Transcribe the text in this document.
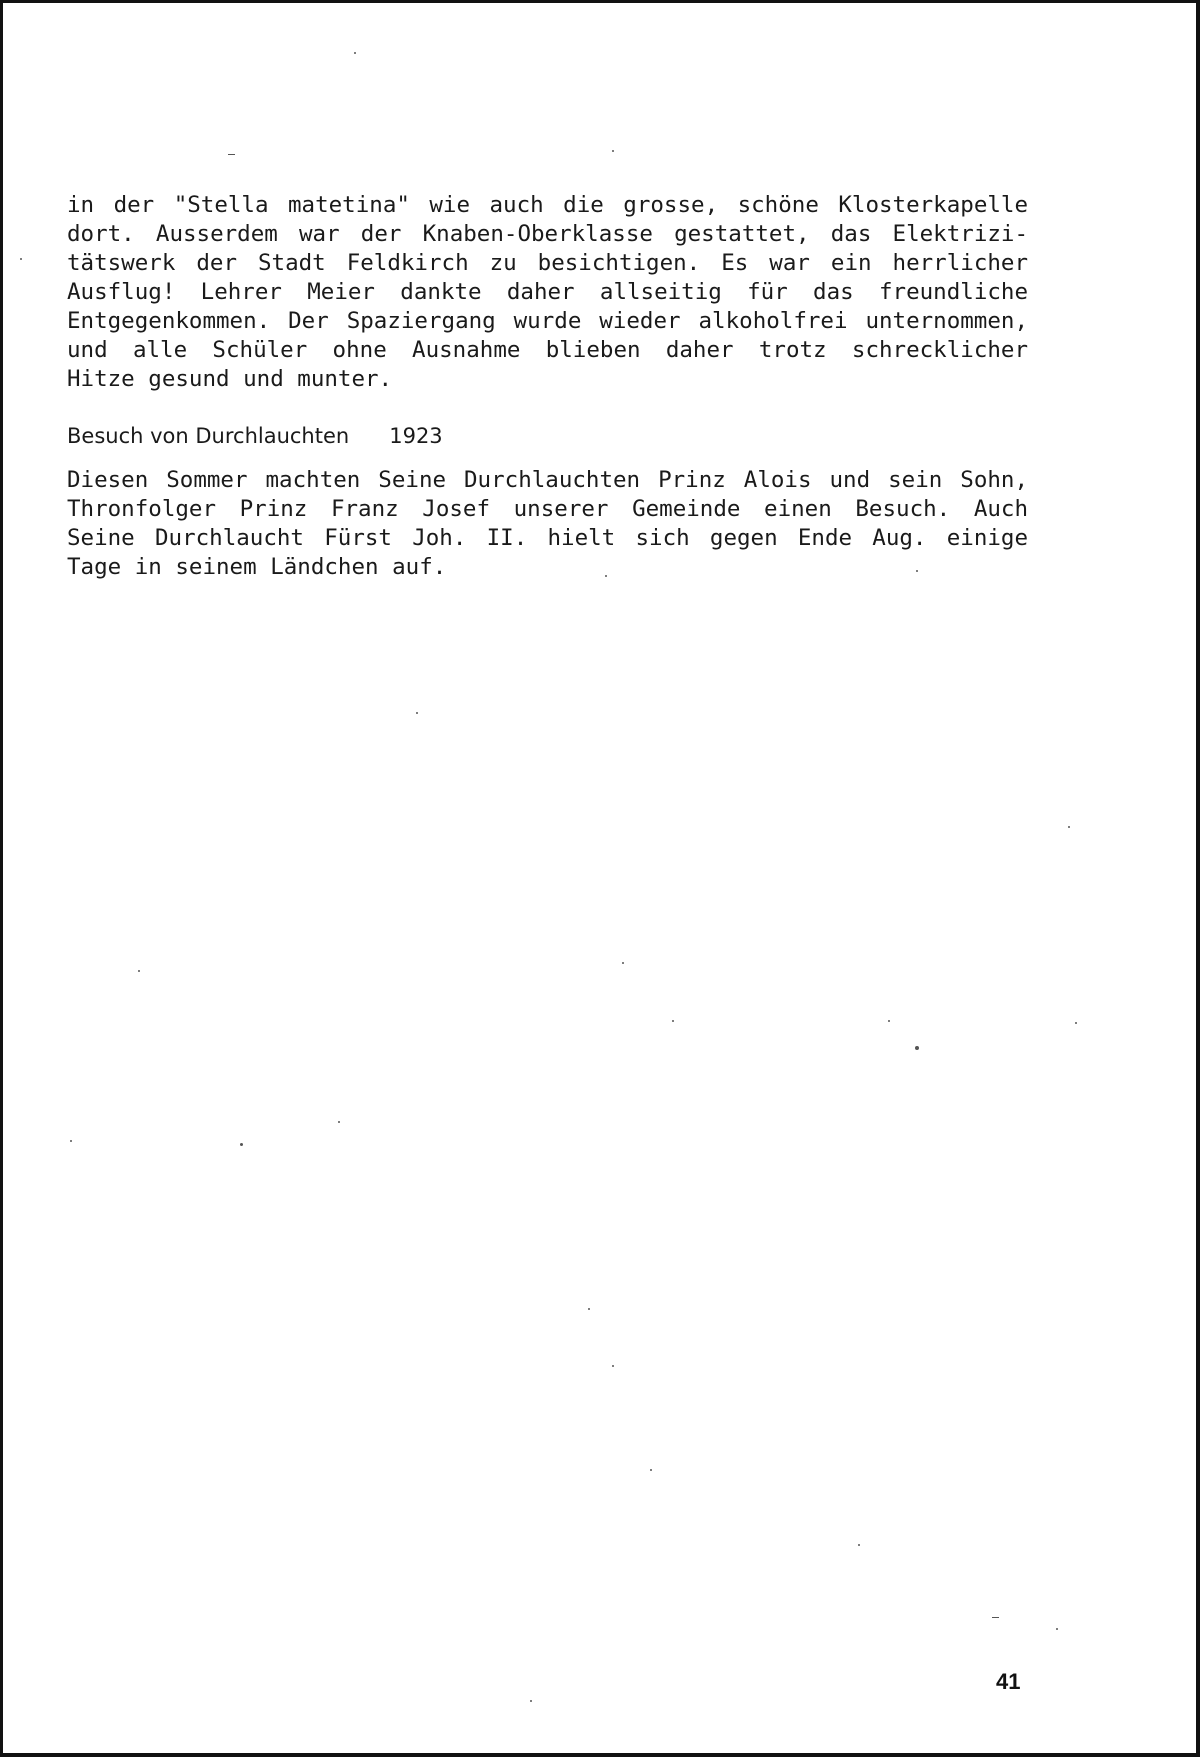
in der "Stella matetina" wie auch die grosse, schöne Klosterkapelle
dort. Ausserdem war der Knaben-Oberklasse gestattet, das Elektrizi-
tätswerk der Stadt Feldkirch zu besichtigen. Es war ein herrlicher
Ausflug! Lehrer Meier dankte daher allseitig für das freundliche
Entgegenkommen. Der Spaziergang wurde wieder alkoholfrei unternommen,
und alle Schüler ohne Ausnahme blieben daher trotz schrecklicher
Hitze gesund und munter.
Besuch von Durchlauchten 1923
Diesen Sommer machten Seine Durchlauchten Prinz Alois und sein Sohn,
Thronfolger Prinz Franz Josef unserer Gemeinde einen Besuch. Auch
Seine Durchlaucht Fürst Joh. II. hielt sich gegen Ende Aug. einige
Tage in seinem Ländchen auf.
41
